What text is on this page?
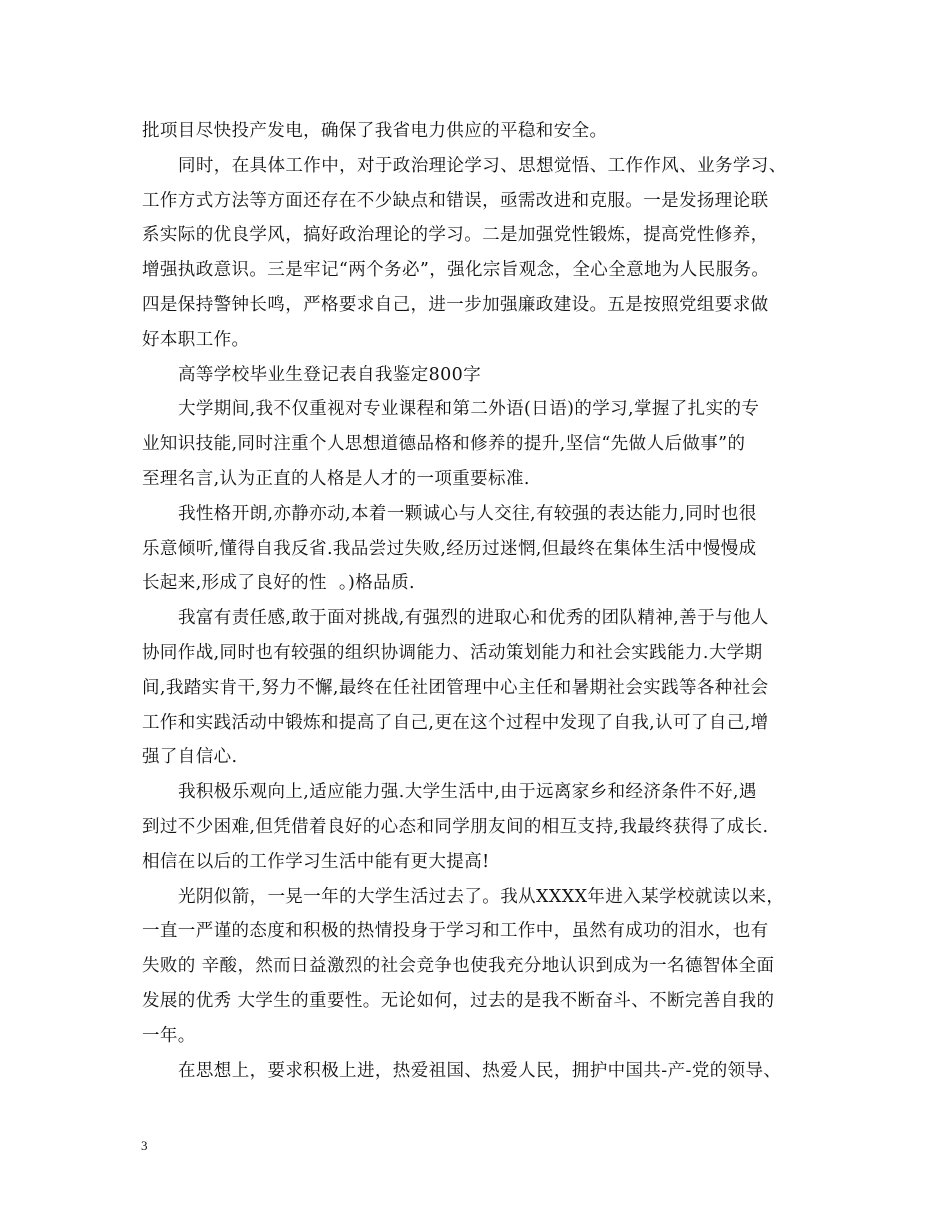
批项目尽快投产发电，确保了我省电力供应的平稳和安全。
同时，在具体工作中，对于政治理论学习、思想觉悟、工作作风、业务学习、
工作方式方法等方面还存在不少缺点和错误，亟需改进和克服。一是发扬理论联
系实际的优良学风，搞好政治理论的学习。二是加强党性锻炼，提高党性修养，
增强执政意识。三是牢记“两个务必”，强化宗旨观念，全心全意地为人民服务。
四是保持警钟长鸣，严格要求自己，进一步加强廉政建设。五是按照党组要求做
好本职工作。
高等学校毕业生登记表自我鉴定800字
大学期间,我不仅重视对专业课程和第二外语(日语)的学习,掌握了扎实的专
业知识技能,同时注重个人思想道德品格和修养的提升,坚信“先做人后做事”的
至理名言,认为正直的人格是人才的一项重要标准.
我性格开朗,亦静亦动,本着一颗诚心与人交往,有较强的表达能力,同时也很
乐意倾听,懂得自我反省.我品尝过失败,经历过迷惘,但最终在集体生活中慢慢成
长起来,形成了良好的性  。)格品质.
我富有责任感,敢于面对挑战,有强烈的进取心和优秀的团队精神,善于与他人
协同作战,同时也有较强的组织协调能力、活动策划能力和社会实践能力.大学期
间,我踏实肯干,努力不懈,最终在任社团管理中心主任和暑期社会实践等各种社会
工作和实践活动中锻炼和提高了自己,更在这个过程中发现了自我,认可了自己,增
强了自信心.
我积极乐观向上,适应能力强.大学生活中,由于远离家乡和经济条件不好,遇
到过不少困难,但凭借着良好的心态和同学朋友间的相互支持,我最终获得了成长.
相信在以后的工作学习生活中能有更大提高!
光阴似箭，一晃一年的大学生活过去了。我从XXXX年进入某学校就读以来，
一直一严谨的态度和积极的热情投身于学习和工作中，虽然有成功的泪水，也有
失败的 辛酸，然而日益激烈的社会竞争也使我充分地认识到成为一名德智体全面
发展的优秀 大学生的重要性。无论如何，过去的是我不断奋斗、不断完善自我的
一年。
在思想上，要求积极上进，热爱祖国、热爱人民，拥护中国共-产-党的领导、
3
